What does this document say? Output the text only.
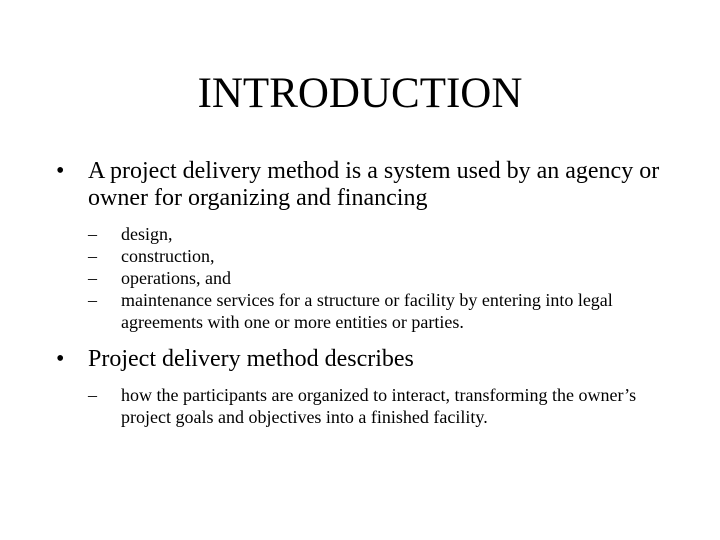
INTRODUCTION

• A project delivery method is a system used by an agency or owner for organizing and financing

–	design,
–	construction,
–	operations, and
–	maintenance services for a structure or facility by entering into legal agreements with one or more entities or parties.

• Project delivery method describes

–	how the participants are organized to interact, transforming the owner’s project goals and objectives into a finished facility.
